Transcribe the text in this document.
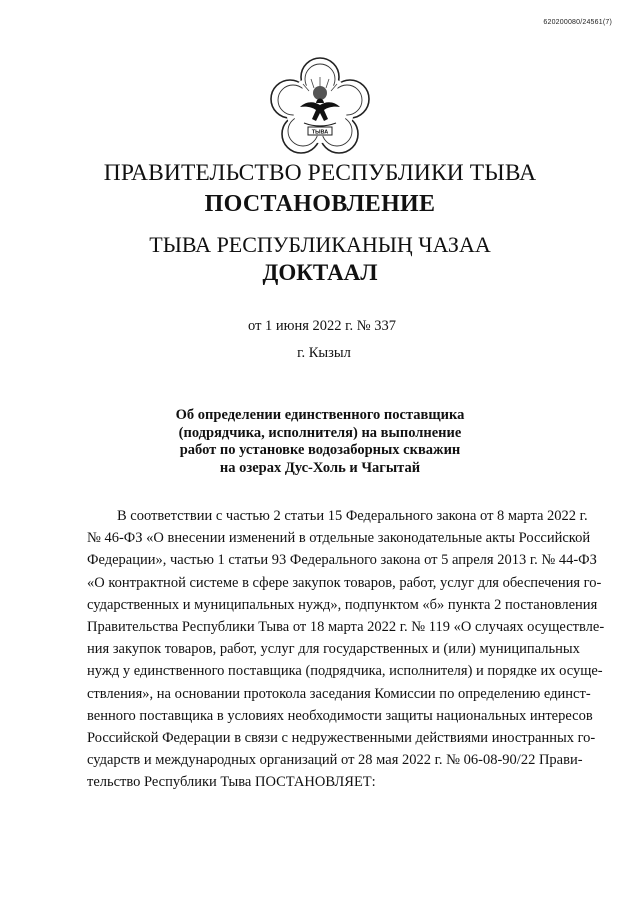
620200080/24561(7)
ТЫВА
ПРАВИТЕЛЬСТВО РЕСПУБЛИКИ ТЫВА
ПОСТАНОВЛЕНИЕ
ТЫВА РЕСПУБЛИКАНЫҢ ЧАЗАА
ДОКТААЛ
от 1 июня 2022 г. № 337
г. Кызыл
Об определении единственного поставщика
(подрядчика, исполнителя) на выполнение
работ по установке водозаборных скважин
на озерах Дус-Холь и Чагытай
В соответствии с частью 2 статьи 15 Федерального закона от 8 марта 2022 г.
№ 46-ФЗ «О внесении изменений в отдельные законодательные акты Российской
Федерации», частью 1 статьи 93 Федерального закона от 5 апреля 2013 г. № 44-ФЗ
«О контрактной системе в сфере закупок товаров, работ, услуг для обеспечения го-
сударственных и муниципальных нужд», подпунктом «б» пункта 2 постановления
Правительства Республики Тыва от 18 марта 2022 г. № 119 «О случаях осуществле-
ния закупок товаров, работ, услуг для государственных и (или) муниципальных
нужд у единственного поставщика (подрядчика, исполнителя) и порядке их осуще-
ствления», на основании протокола заседания Комиссии по определению единст-
венного поставщика в условиях необходимости защиты национальных интересов
Российской Федерации в связи с недружественными действиями иностранных го-
сударств и международных организаций от 28 мая 2022 г. № 06-08-90/22 Прави-
тельство Республики Тыва ПОСТАНОВЛЯЕТ:
